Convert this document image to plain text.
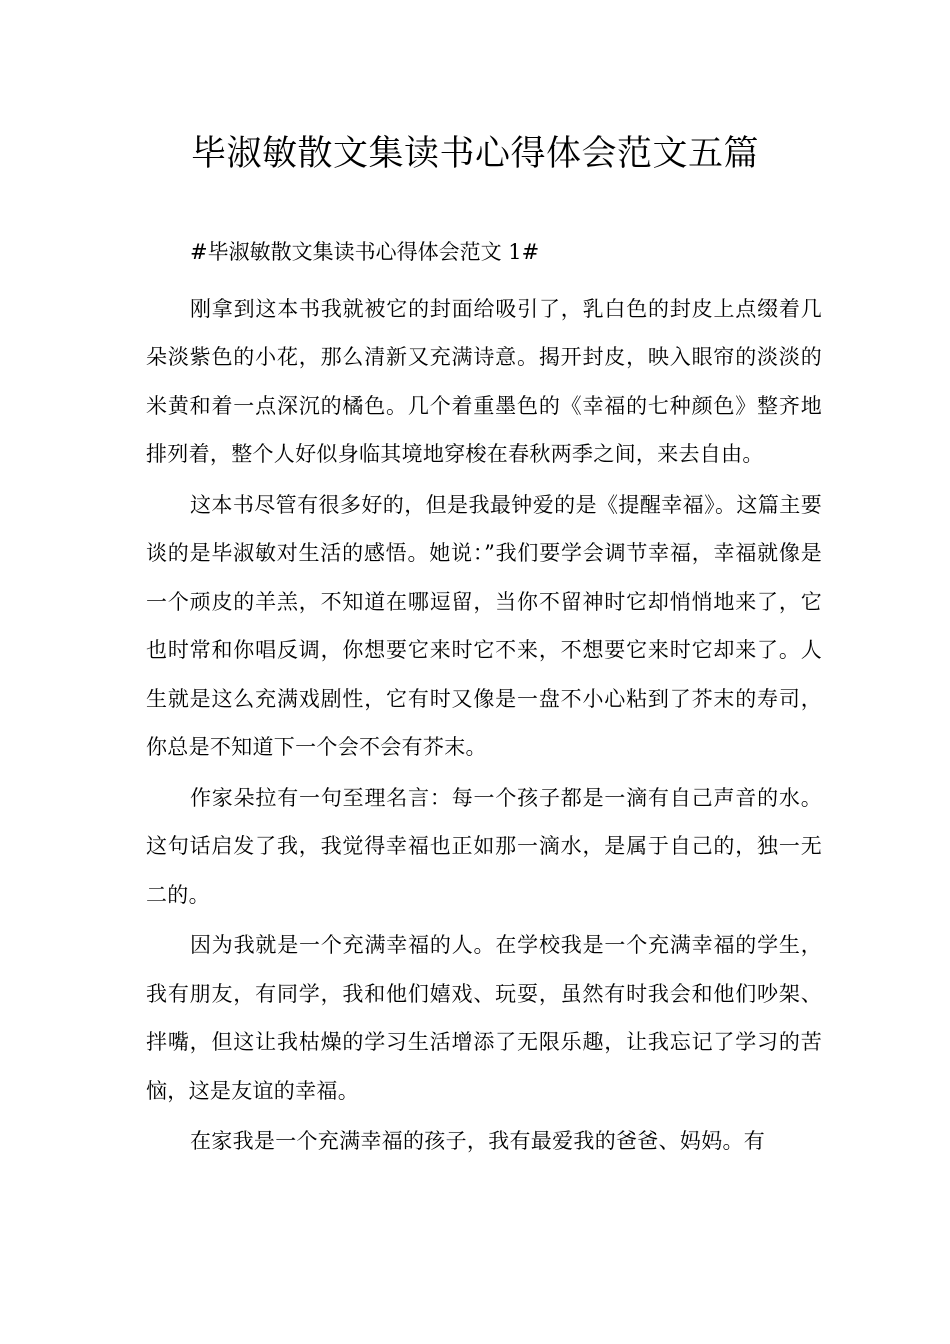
毕淑敏散文集读书心得体会范文五篇

#毕淑敏散文集读书心得体会范文 1#

刚拿到这本书我就被它的封面给吸引了，乳白色的封皮上点缀着几朵淡紫色的小花，那么清新又充满诗意。揭开封皮，映入眼帘的淡淡的米黄和着一点深沉的橘色。几个着重墨色的《幸福的七种颜色》整齐地排列着，整个人好似身临其境地穿梭在春秋两季之间，来去自由。

这本书尽管有很多好的，但是我最钟爱的是《提醒幸福》。这篇主要谈的是毕淑敏对生活的感悟。她说：”我们要学会调节幸福，幸福就像是一个顽皮的羊羔，不知道在哪逗留，当你不留神时它却悄悄地来了，它也时常和你唱反调，你想要它来时它不来，不想要它来时它却来了。人生就是这么充满戏剧性，它有时又像是一盘不小心粘到了芥末的寿司，你总是不知道下一个会不会有芥末。

作家朵拉有一句至理名言：每一个孩子都是一滴有自己声音的水。这句话启发了我，我觉得幸福也正如那一滴水，是属于自己的，独一无二的。

因为我就是一个充满幸福的人。在学校我是一个充满幸福的学生，我有朋友，有同学，我和他们嬉戏、玩耍，虽然有时我会和他们吵架、拌嘴，但这让我枯燥的学习生活增添了无限乐趣，让我忘记了学习的苦恼，这是友谊的幸福。

在家我是一个充满幸福的孩子，我有最爱我的爸爸、妈妈。有
